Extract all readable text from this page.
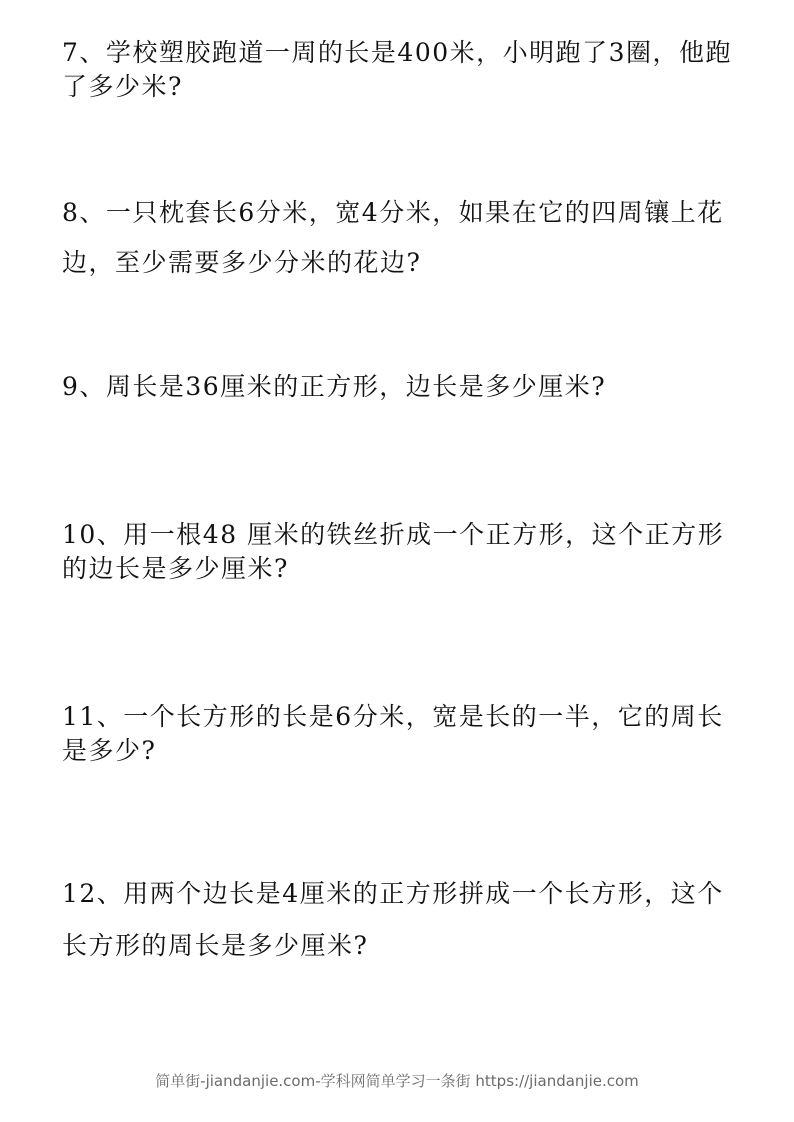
7、学校塑胶跑道一周的长是400米，小明跑了3圈，他跑了多少米?

8、一只枕套长6分米，宽4分米，如果在它的四周镶上花边，至少需要多少分米的花边?

9、周长是36厘米的正方形，边长是多少厘米?

10、用一根48 厘米的铁丝折成一个正方形，这个正方形的边长是多少厘米?

11、一个长方形的长是6分米，宽是长的一半，它的周长是多少?

12、用两个边长是4厘米的正方形拼成一个长方形，这个长方形的周长是多少厘米?

简单街-jiandanjie.com-学科网简单学习一条街 https://jiandanjie.com
